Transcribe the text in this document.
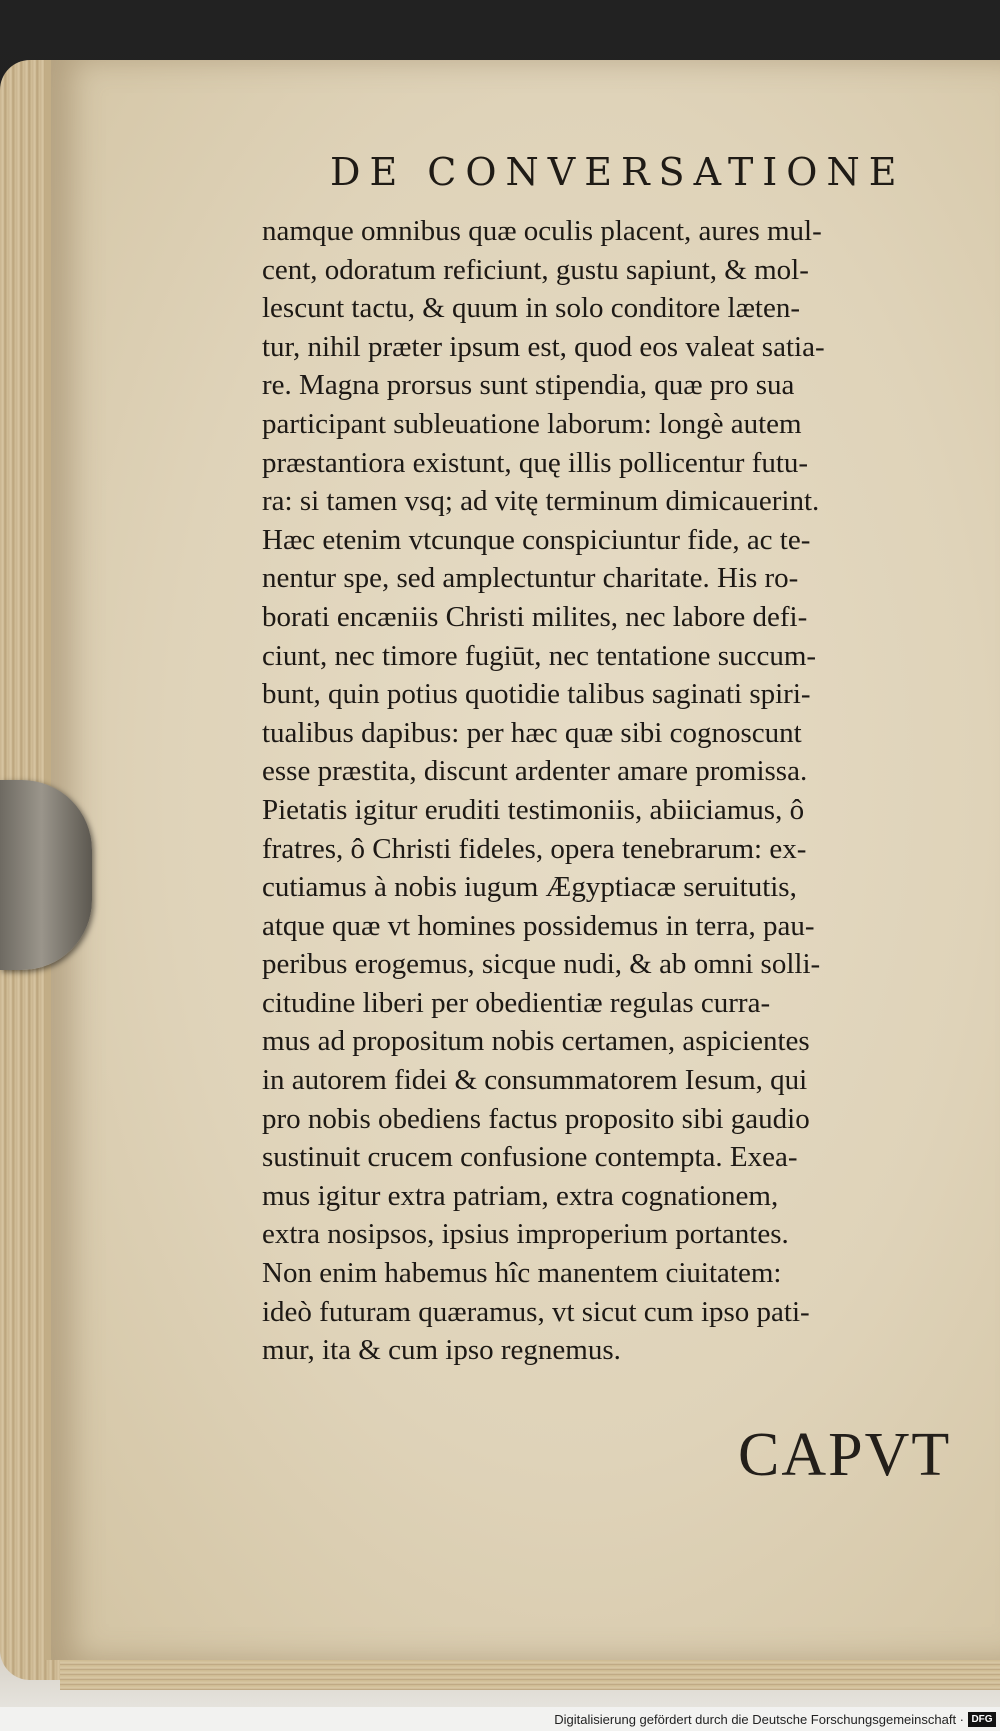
DE CONVERSATIONE
namque omnibus quæ oculis placent, aures mul-
cent, odoratum reficiunt, gustu sapiunt, & mol-
lescunt tactu, & quum in solo conditore læten-
tur, nihil præter ipsum est, quod eos valeat satia-
re. Magna prorsus sunt stipendia, quæ pro sua
participant subleuatione laborum: longè autem
præstantiora existunt, quę illis pollicentur futu-
ra: si tamen vsq; ad vitę terminum dimicauerint.
Hæc etenim vtcunque conspiciuntur fide, ac te-
nentur spe, sed amplectuntur charitate. His ro-
borati encæniis Christi milites, nec labore defi-
ciunt, nec timore fugiūt, nec tentatione succum-
bunt, quin potius quotidie talibus saginati spiri-
tualibus dapibus: per hæc quæ sibi cognoscunt
esse præstita, discunt ardenter amare promissa.
Pietatis igitur eruditi testimoniis, abiiciamus, ô
fratres, ô Christi fideles, opera tenebrarum: ex-
cutiamus à nobis iugum Ægyptiacæ seruitutis,
atque quæ vt homines possidemus in terra, pau-
peribus erogemus, sicque nudi, & ab omni solli-
citudine liberi per obedientiæ regulas curra-
mus ad propositum nobis certamen, aspicientes
in autorem fidei & consummatorem Iesum, qui
pro nobis obediens factus proposito sibi gaudio
sustinuit crucem confusione contempta. Exea-
mus igitur extra patriam, extra cognationem,
extra nosipsos, ipsius improperium portantes.
Non enim habemus hîc manentem ciuitatem:
ideò futuram quæramus, vt sicut cum ipso pati-
mur, ita & cum ipso regnemus.
CAPVT
Digitalisierung gefördert durch die Deutsche Forschungsgemeinschaft · DFG
